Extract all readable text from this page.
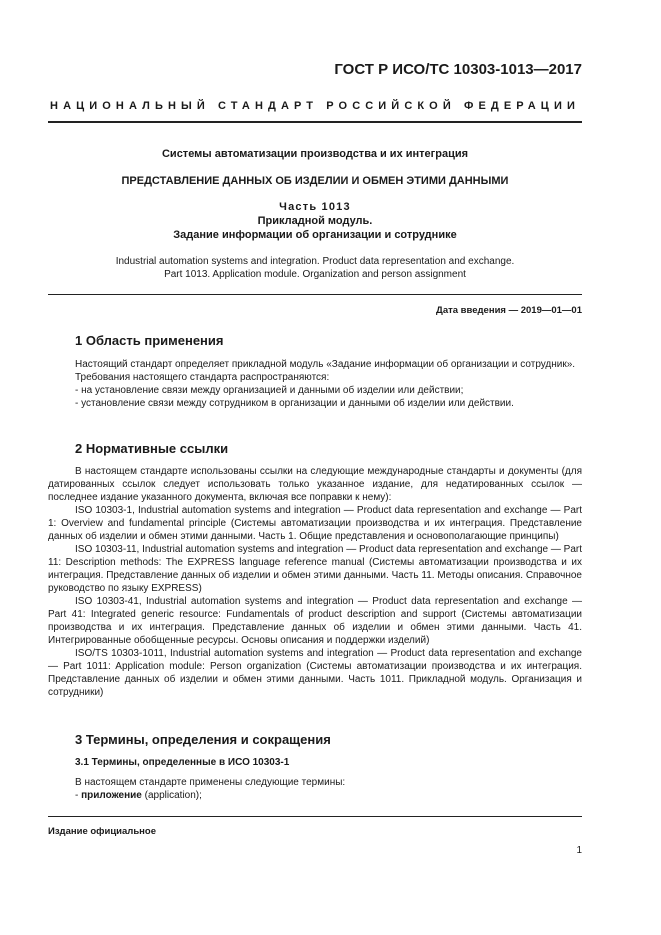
ГОСТ Р ИСО/ТС 10303-1013—2017
НАЦИОНАЛЬНЫЙ СТАНДАРТ РОССИЙСКОЙ ФЕДЕРАЦИИ
Системы автоматизации производства и их интеграция
ПРЕДСТАВЛЕНИЕ ДАННЫХ ОБ ИЗДЕЛИИ И ОБМЕН ЭТИМИ ДАННЫМИ
Часть 1013
Прикладной модуль.
Задание информации об организации и сотруднике
Industrial automation systems and integration. Product data representation and exchange.
Part 1013. Application module. Organization and person assignment
Дата введения — 2019—01—01
1 Область применения

Настоящий стандарт определяет прикладной модуль «Задание информации об организации и сотрудник».

Требования настоящего стандарта распространяются:

- на установление связи между организацией и данными об изделии или действии;

- установление связи между сотрудником в организации и данными об изделии или действии.

2 Нормативные ссылки

В настоящем стандарте использованы ссылки на следующие международные стандарты и документы (для датированных ссылок следует использовать только указанное издание, для недатированных ссылок — последнее издание указанного документа, включая все поправки к нему):

ISO 10303-1, Industrial automation systems and integration — Product data representation and exchange — Part 1: Overview and fundamental principle (Системы автоматизации производства и их интеграция. Представление данных об изделии и обмен этими данными. Часть 1. Общие представления и основополагающие принципы)

ISO 10303-11, Industrial automation systems and integration — Product data representation and exchange — Part 11: Description methods: The EXPRESS language reference manual (Системы автоматизации производства и их интеграция. Представление данных об изделии и обмен этими данными. Часть 11. Методы описания. Справочное руководство по языку EXPRESS)

ISO 10303-41, Industrial automation systems and integration — Product data representation and exchange — Part 41: Integrated generic resource: Fundamentals of product description and support (Системы автоматизации производства и их интеграция. Представление данных об изделии и обмен этими данными. Часть 41. Интегрированные обобщенные ресурсы. Основы описания и поддержки изделий)

ISO/TS 10303-1011, Industrial automation systems and integration — Product data representation and exchange — Part 1011: Application module: Person organization (Системы автоматизации производства и их интеграция. Представление данных об изделии и обмен этими данными. Часть 1011. Прикладной модуль. Организация и сотрудники)

3 Термины, определения и сокращения
3.1 Термины, определенные в ИСО 10303-1

В настоящем стандарте применены следующие термины:

- приложение (application);

Издание официальное
1
